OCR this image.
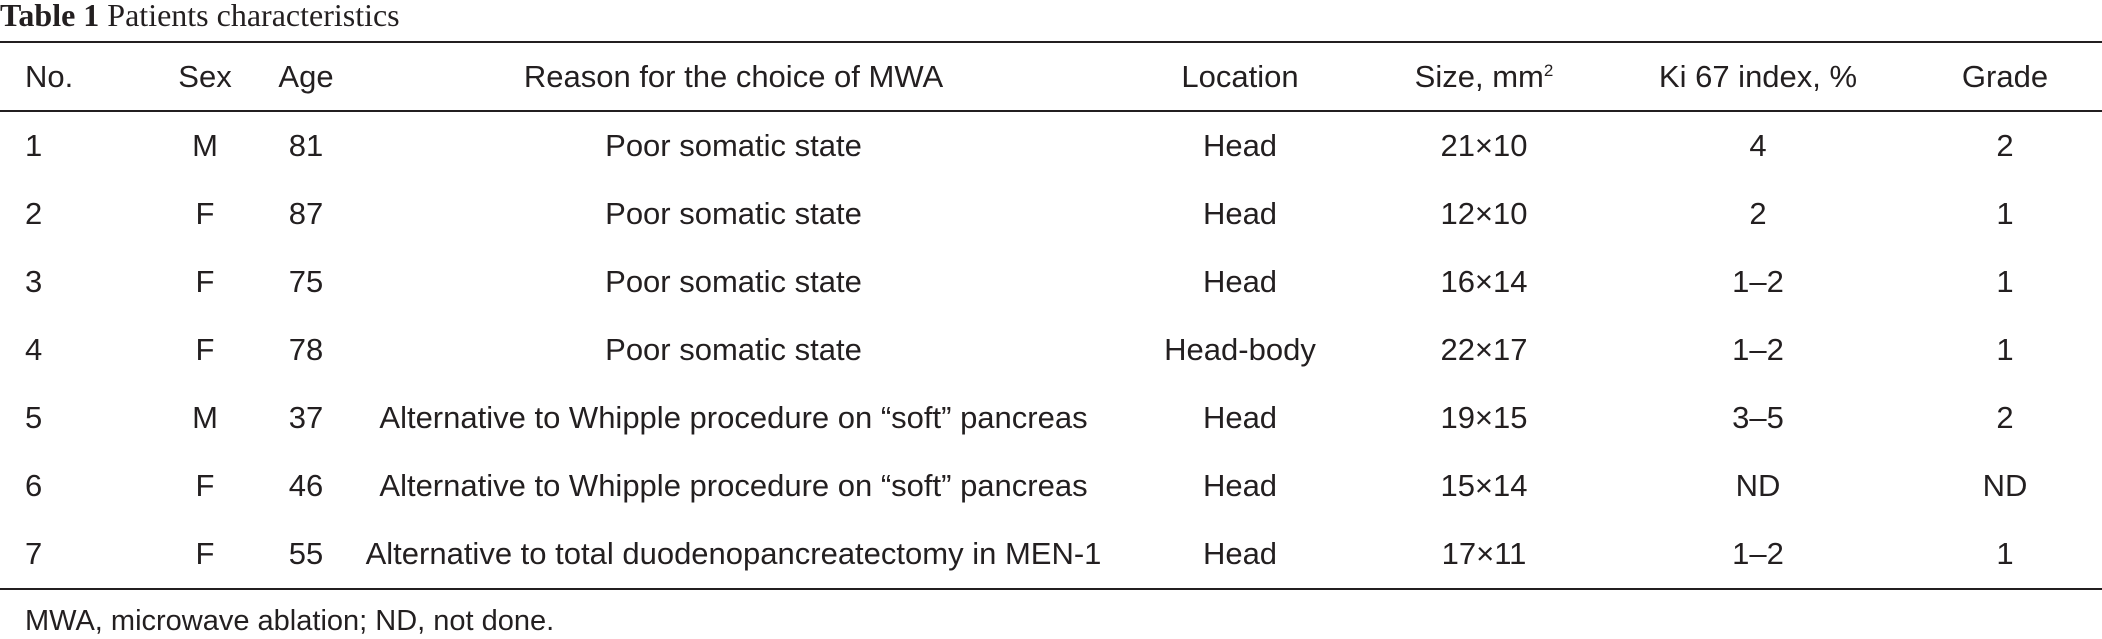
Table 1 Patients characteristics
No.	Sex	Age	Reason for the choice of MWA	Location	Size, $mm^2$	Ki 67 index, %	Grade
1	M	81	Poor somatic state	Head	21×10	4	2
2	F	87	Poor somatic state	Head	12×10	2	1
3	F	75	Poor somatic state	Head	16×14	1–2	1
4	F	78	Poor somatic state	Head-body	22×17	1–2	1
5	M	37	Alternative to Whipple procedure on “soft” pancreas	Head	19×15	3–5	2
6	F	46	Alternative to Whipple procedure on “soft” pancreas	Head	15×14	ND	ND
7	F	55	Alternative to total duodenopancreatectomy in MEN-1	Head	17×11	1–2	1
MWA, microwave ablation; ND, not done.
